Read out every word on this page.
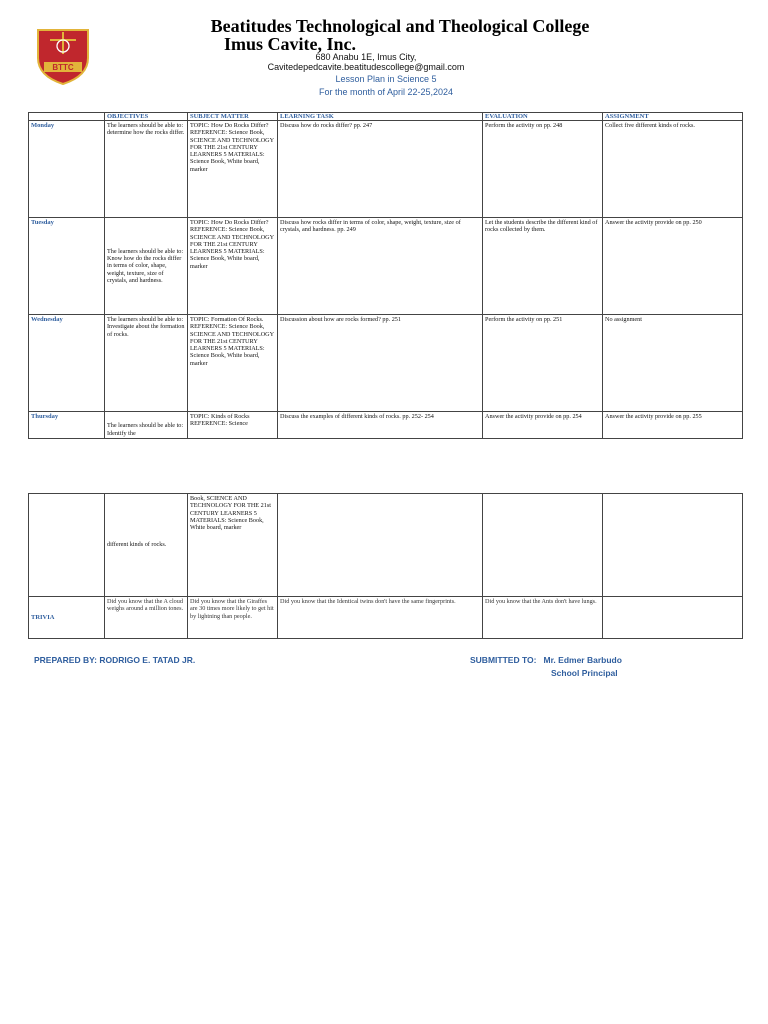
BTTC
Beatitudes Technological and Theological College
Imus Cavite, Inc.
680 Anabu 1E, Imus City,
Cavitedepedcavite.beatitudescollege@gmail.com
Lesson Plan in Science 5
For the month of April 22-25,2024
	OBJECTIVES	SUBJECT MATTER	LEARNING TASK	EVALUATION	ASSIGNMENT
Monday	The learners should be able to: determine how the rocks differ.	TOPIC: How Do Rocks Differ? REFERENCE: Science Book, SCIENCE AND TECHNOLOGY FOR THE 21st CENTURY LEARNERS 5 MATERIALS: Science Book, White board, marker	Discuss how do rocks differ? pp. 247	Perform the activity on pp. 248	Collect five different kinds of rocks.
Tuesday	The learners should be able to: Know how do the rocks differ in terms of color, shape, weight, texture, size of crystals, and hardness.	TOPIC: How Do Rocks Differ? REFERENCE: Science Book, SCIENCE AND TECHNOLOGY FOR THE 21st CENTURY LEARNERS 5 MATERIALS: Science Book, White board, marker	Discuss how rocks differ in terms of color, shape, weight, texture, size of crystals, and hardness. pp. 249	Let the students describe the different kind of rocks collected by them.	Answer the activity provide on pp. 250
Wednesday	The learners should be able to: Investigate about the formation of rocks.	TOPIC: Formation Of Rocks. REFERENCE: Science Book, SCIENCE AND TECHNOLOGY FOR THE 21st CENTURY LEARNERS 5 MATERIALS: Science Book, White board, marker	Discussion about how are rocks formed? pp. 251	Perform the activity on pp. 251	No assignment
Thursday	The learners should be able to: Identify the	TOPIC: Kinds of Rocks REFERENCE: Science	Discuss the examples of different kinds of rocks. pp. 252- 254	Answer the activity provide on pp. 254	Answer the activity provide on pp. 255
	different kinds of rocks.	Book, SCIENCE AND TECHNOLOGY FOR THE 21st CENTURY LEARNERS 5 MATERIALS: Science Book, White board, marker			
TRIVIA	Did you know that the A cloud weighs around a million tones.	Did you know that the Giraffes are 30 times more likely to get hit by lightning than people.	Did you know that the Identical twins don't have the same fingerprints.	Did you know that the Ants don't have lungs.	
PREPARED BY: RODRIGO E. TATAD JR.	SUBMITTED TO:   Mr. Edmer Barbudo
School Principal
